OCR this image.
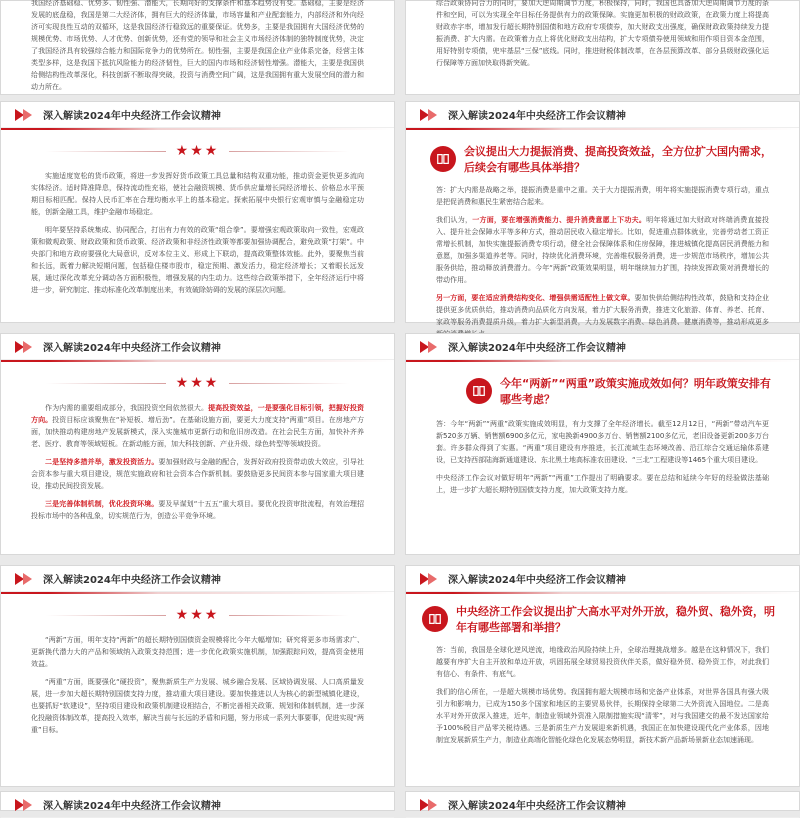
我国经济基础稳、优势多、韧性强、潜能大，长期向好的支撑条件和基本趋势没有变。基础稳，主要是经济发展的底盘稳，我国是第二大经济体，拥有巨大的经济体量，市场容量和产业配套能力，内部经济和外向经济可实现良性互动的双循环，这是我国经济行稳致远的重要保证。优势多，主要是我国拥有大国经济优势的规模优势、市场优势、人才优势、创新优势，还有党的领导和社会主义市场经济体制的独特制度优势，决定了我国经济具有较强综合能力和国际竞争力的优势所在。韧性强，主要是我国企业产业体系完备，经营主体类型多样，这是我国下抵抗风险能力的经济韧性，巨大的国内市场和经济韧性增强。潜能大，主要是我国供给侧结构性改革深化，科技创新不断取得突破，投资与消费空间广阔，这是我国拥有重大发展空间的潜力和动力所在。

综合政策协同合力的同时，要加大逆周期调节力度，积极保持，同时，我国也具备加大逆周期调节力度的条件和空间，可以为实现全年目标任务提供有力的政策保障。实施更加积极的财政政策，在政策力度上将提高财政赤字率，增加发行超长期特别国债和地方政府专项债券，加大财政支出强度，确保财政政策持续发力提振消费、扩大内需。在政策着力点上将优化财政支出结构，扩大专项债券使用领域和用作项目资本金范围，用好特别专项债，兜牢基层“三保”底线。同时，推进财税体制改革，在各层预算改革、部分县级财政强化运行保障等方面加快取得新突破。

深入解读2024年中央经济工作会议精神
★★★

实施适度宽松的货币政策，将进一步发挥好货币政策工具总量和结构双重功能，推动资金更快更多流向实体经济。适时降准降息，保持流动性充裕，使社会融资规模、货币供应量增长同经济增长、价格总水平预期目标相匹配。保持人民币汇率在合理均衡水平上的基本稳定。探索拓展中央银行宏观审慎与金融稳定功能，创新金融工具，维护金融市场稳定。

明年要坚持系统集成、协同配合，打出有力有效的政策“组合拳”。要增强宏观政策取向一致性，宏观政策和微观政策、财政政策和货币政策、经济政策和非经济性政策等都要加强协调配合，避免政策“打架”。中央部门和地方政府要强化大局意识，反对本位主义、形成上下联动，提高政策整体效能。此外，要聚焦当前和长远，既着力解决短期问题，包括稳住楼市股市，稳定预期、激发活力，稳定经济增长；又着眼长远发展，通过深化改革充分调动各方面积极性，增强发展的内生动力。这些综合政策举措下，全年经济运行中将进一步，研究制定、推动标准化改革制度出来，有效破除妨碍的发展的深层次问题。

深入解读2024年中央经济工作会议精神
会议提出大力提振消费、提高投资效益，全方位扩大国内需求，后续会有哪些具体举措？

答：扩大内需是战略之举，提振消费是重中之重。关于大力提振消费，明年将实施提振消费专项行动，重点是把促消费和惠民生紧密结合起来。

我们认为，一方面，要在增强消费能力、提升消费意愿上下功夫。明年将通过加大财政对终端消费直接投入、提升社会保障水平等多种方式，推动居民收入稳定增长。比如，促进重点群体就业，完善劳动者工资正常增长机制，加快实施提振消费专项行动，健全社会保障体系和住房保障，推进城镇化提高居民消费能力和意愿，加强多渠道养老等。同时，持续优化消费环境，完善维权服务消费，进一步规范市场秩序，增加公共服务供给，推动释放消费潜力。今年“两新”政策效果明显，明年继续加力扩围，持续发挥政策对消费增长的带动作用。

另一方面，要在适应消费结构变化、增强供需适配性上做文章。要加快供给侧结构性改革，鼓励和支持企业提供更多优质供给，推动消费向品质化方向发展，着力扩大服务消费，推进文化旅游、体育、养老、托育、家政等服务消费提质升级，着力扩大新型消费，大力发展数字消费、绿色消费、健康消费等，推动形成更多

深入解读2024年中央经济工作会议精神
★★★

作为内需的重要组成部分，我国投资空间依然很大。提高投资效益，一是要强化目标引领，把握好投资方向。投资目标应该聚焦在“补短板、增后劲”。在基础设施方面，要更大力度支持“两重”项目。在房地产方面，加快推动构建房地产发展新模式，深入实施城市更新行动和危旧房改造。在社会民生方面，加快补齐养老、医疗、教育等领域短板。在新动能方面，加大科技创新、产业升级、绿色转型等领域投资。

二是坚持多措并举，激发投资活力。要加强财政与金融的配合，发挥好政府投资带动放大效应，引导社会资本参与重大项目建设，规范实施政府和社会资本合作新机制。要鼓励更多民间资本参与国家重大项目建设，推动民间投资发展。

三是完善体制机制，优化投资环境。要及早谋划“十五五”重大项目。要优化投资审批流程，有效治理招投标市场中的各种乱象，切实规范行为，创造公平竞争环境。

深入解读2024年中央经济工作会议精神
今年“两新”“两重”政策实施成效如何？明年政策安排有哪些考虑？

答：今年“两新”“两重”政策实施成效明显，有力支撑了全年经济增长。截至12月12日，“两新”带动汽车更新520多万辆、销售额6900多亿元，家电换新4900多万台、销售额2100多亿元，老旧设备更新200多万台套。许多群众得到了实惠。“两重”项目建设有序推进，长江流域生态环境改善、沿江综合交通运输体系建设，已支持西部陆海新通道建设、东北黑土地高标准农田建设、“三北”工程建设等1465个重大项目建设。

中央经济工作会议对做好明年“两新”“两重”工作提出了明确要求。要在总结和延续今年好的经验做法基础上，进一步扩大超长期特别国债支持力度，加大政策支持力度。

深入解读2024年中央经济工作会议精神
★★★

“两新”方面，明年支持“两新”的超长期特别国债资金规模将比今年大幅增加；研究将更多市场需求广、更新换代潜力大的产品和领域纳入政策支持范围；进一步优化政策实施机制，加强跟踪问效，提高资金使用效益。

“两重”方面，既要强化“硬投资”，聚焦新质生产力发展、城乡融合发展、区域协调发展、人口高质量发展，进一步加大超长期特别国债支持力度，推动重大项目建设。要加快推进以人为核心的新型城镇化建设，也要抓好“软建设”，坚持项目建设和政策机制建设相结合，不断完善相关政策、规划和体制机制，进一步深化投融资体制改革，提高投入效率，解决当前与长远的矛盾和问题，努力形成一系列大事要事，促进实现“两重”目标。

深入解读2024年中央经济工作会议精神
中央经济工作会议提出扩大高水平对外开放，稳外贸、稳外资，明年有哪些部署和举措？

答：当前，我国是全球化逆风逆流，地缘政治风险持续上升，全球治理挑战增多。越是在这种情况下，我们越要有序扩大自主开放和单边开放，巩固拓展全球贸易投资伙伴关系，做好稳外贸、稳外资工作，对此我们有信心、有条件、有底气。

我们的信心所在，一是超大规模市场优势。我国拥有超大规模市场和完备产业体系，对世界各国具有强大吸引力和影响力，已成为150多个国家和地区的主要贸易伙伴，长期保持全球第二大外资流入国地位。二是高水平对外开放深入推进，近年，制造业领域外资准入限制措施实现“清零”，对与我国建交的最不发达国家给予100%税目产品零关税待遇。三是新质生产力发展迎来新机遇，我国正在加快建设现代化产业体系，因地制宜发展新质生产力，制造业高端化智能化绿色化发展态势明显，新技术新产品新场景新业态加速涌现。

深入解读2024年中央经济工作会议精神	深入解读2024年中央经济工作会议精神
